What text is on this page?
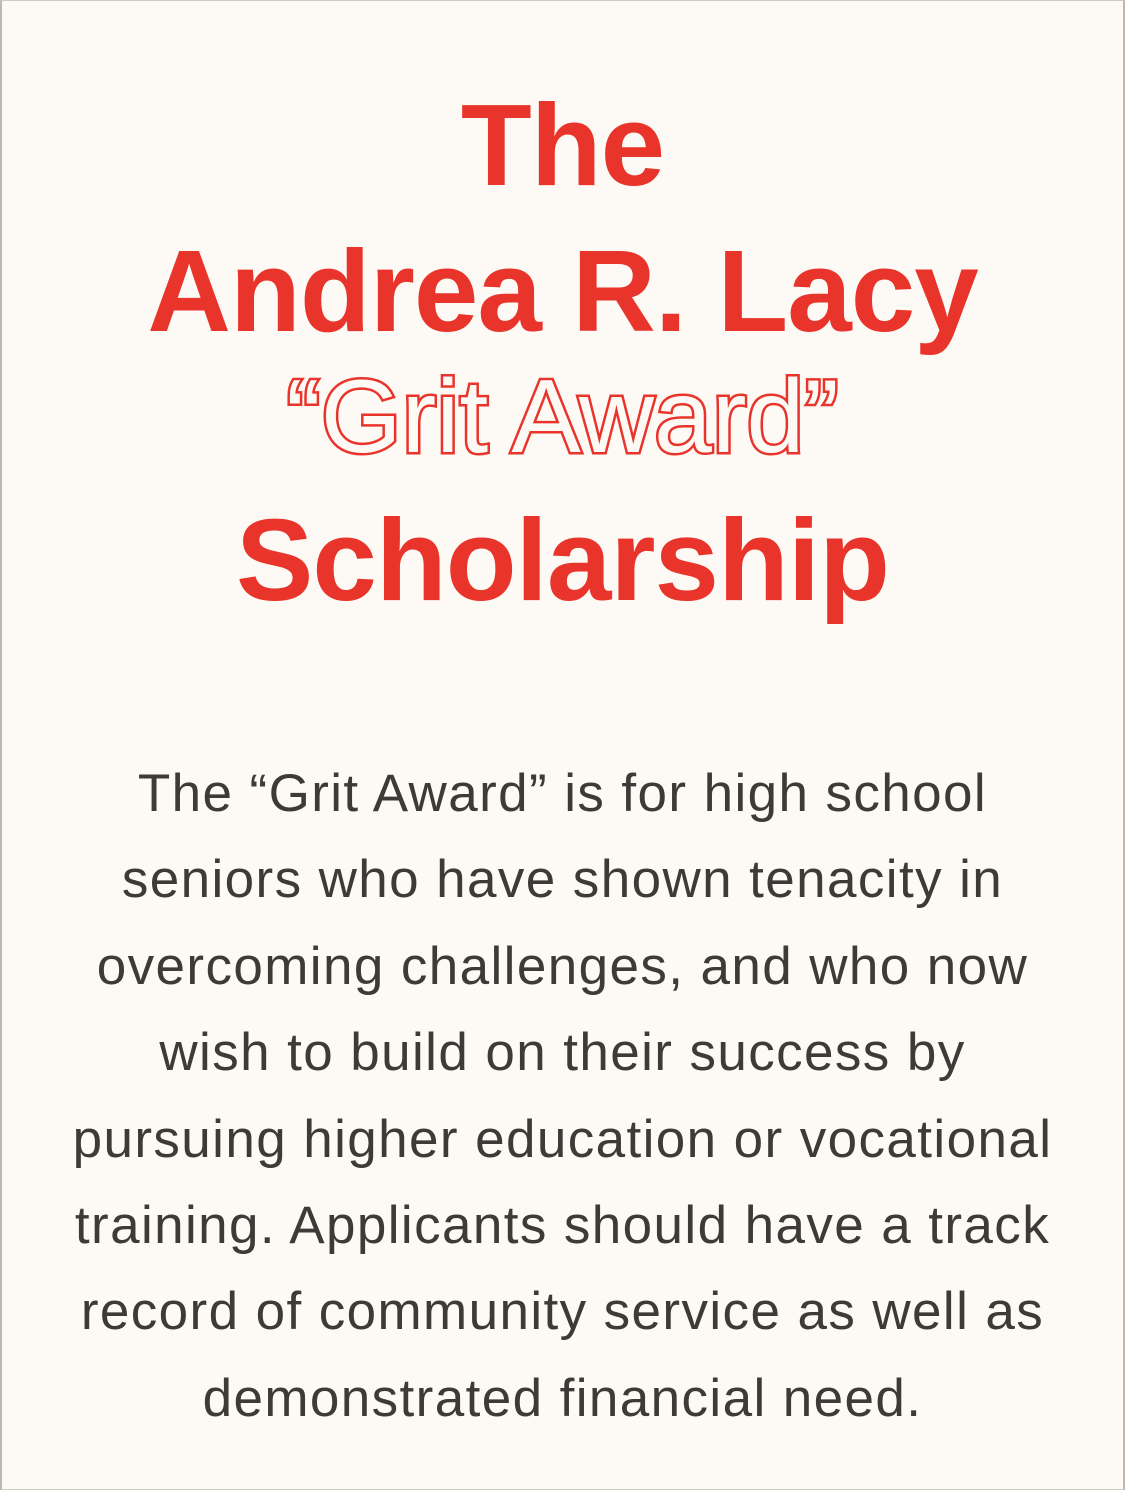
The
Andrea R. Lacy
“Grit Award”
Scholarship
The “Grit Award” is for high school
seniors who have shown tenacity in
overcoming challenges, and who now
wish to build on their success by
pursuing higher education or vocational
training. Applicants should have a track
record of community service as well as
demonstrated financial need.
